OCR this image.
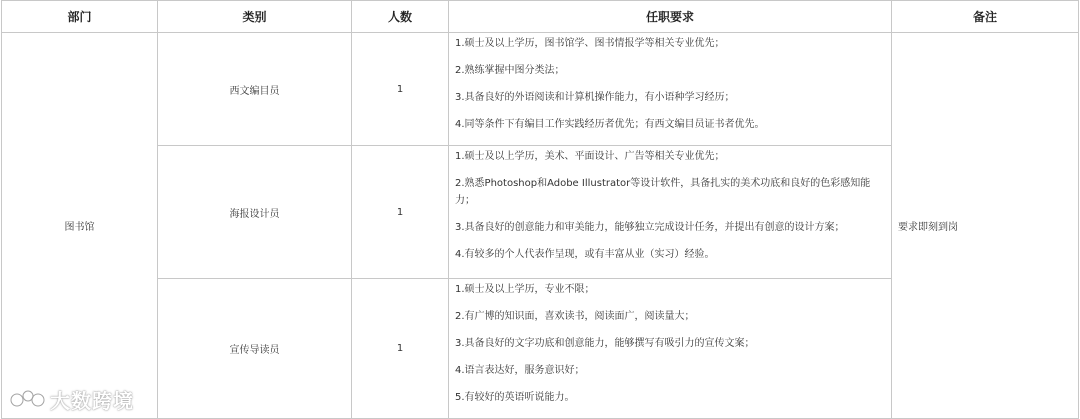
部门	类别	人数	任职要求	备注
图书馆	西文编目员	1	1.硕士及以上学历，图书馆学、图书情报学等相关专业优先；
2.熟练掌握中图分类法；
3.具备良好的外语阅读和计算机操作能力，有小语种学习经历；
4.同等条件下有编目工作实践经历者优先；有西文编目员证书者优先。	要求即刻到岗
	海报设计员	1	1.硕士及以上学历，美术、平面设计、广告等相关专业优先；
2.熟悉Photoshop和Adobe Illustrator等设计软件，具备扎实的美术功底和良好的色彩感知能力；
3.具备良好的创意能力和审美能力，能够独立完成设计任务，并提出有创意的设计方案；
4.有较多的个人代表作呈现，或有丰富从业（实习）经验。	

	宣传导读员	1	1.硕士及以上学历，专业不限；
2.有广博的知识面，喜欢读书，阅读面广，阅读量大；
3.具备良好的文字功底和创意能力，能够撰写有吸引力的宣传文案；
4.语言表达好，服务意识好；
5.有较好的英语听说能力。	
大数跨境
